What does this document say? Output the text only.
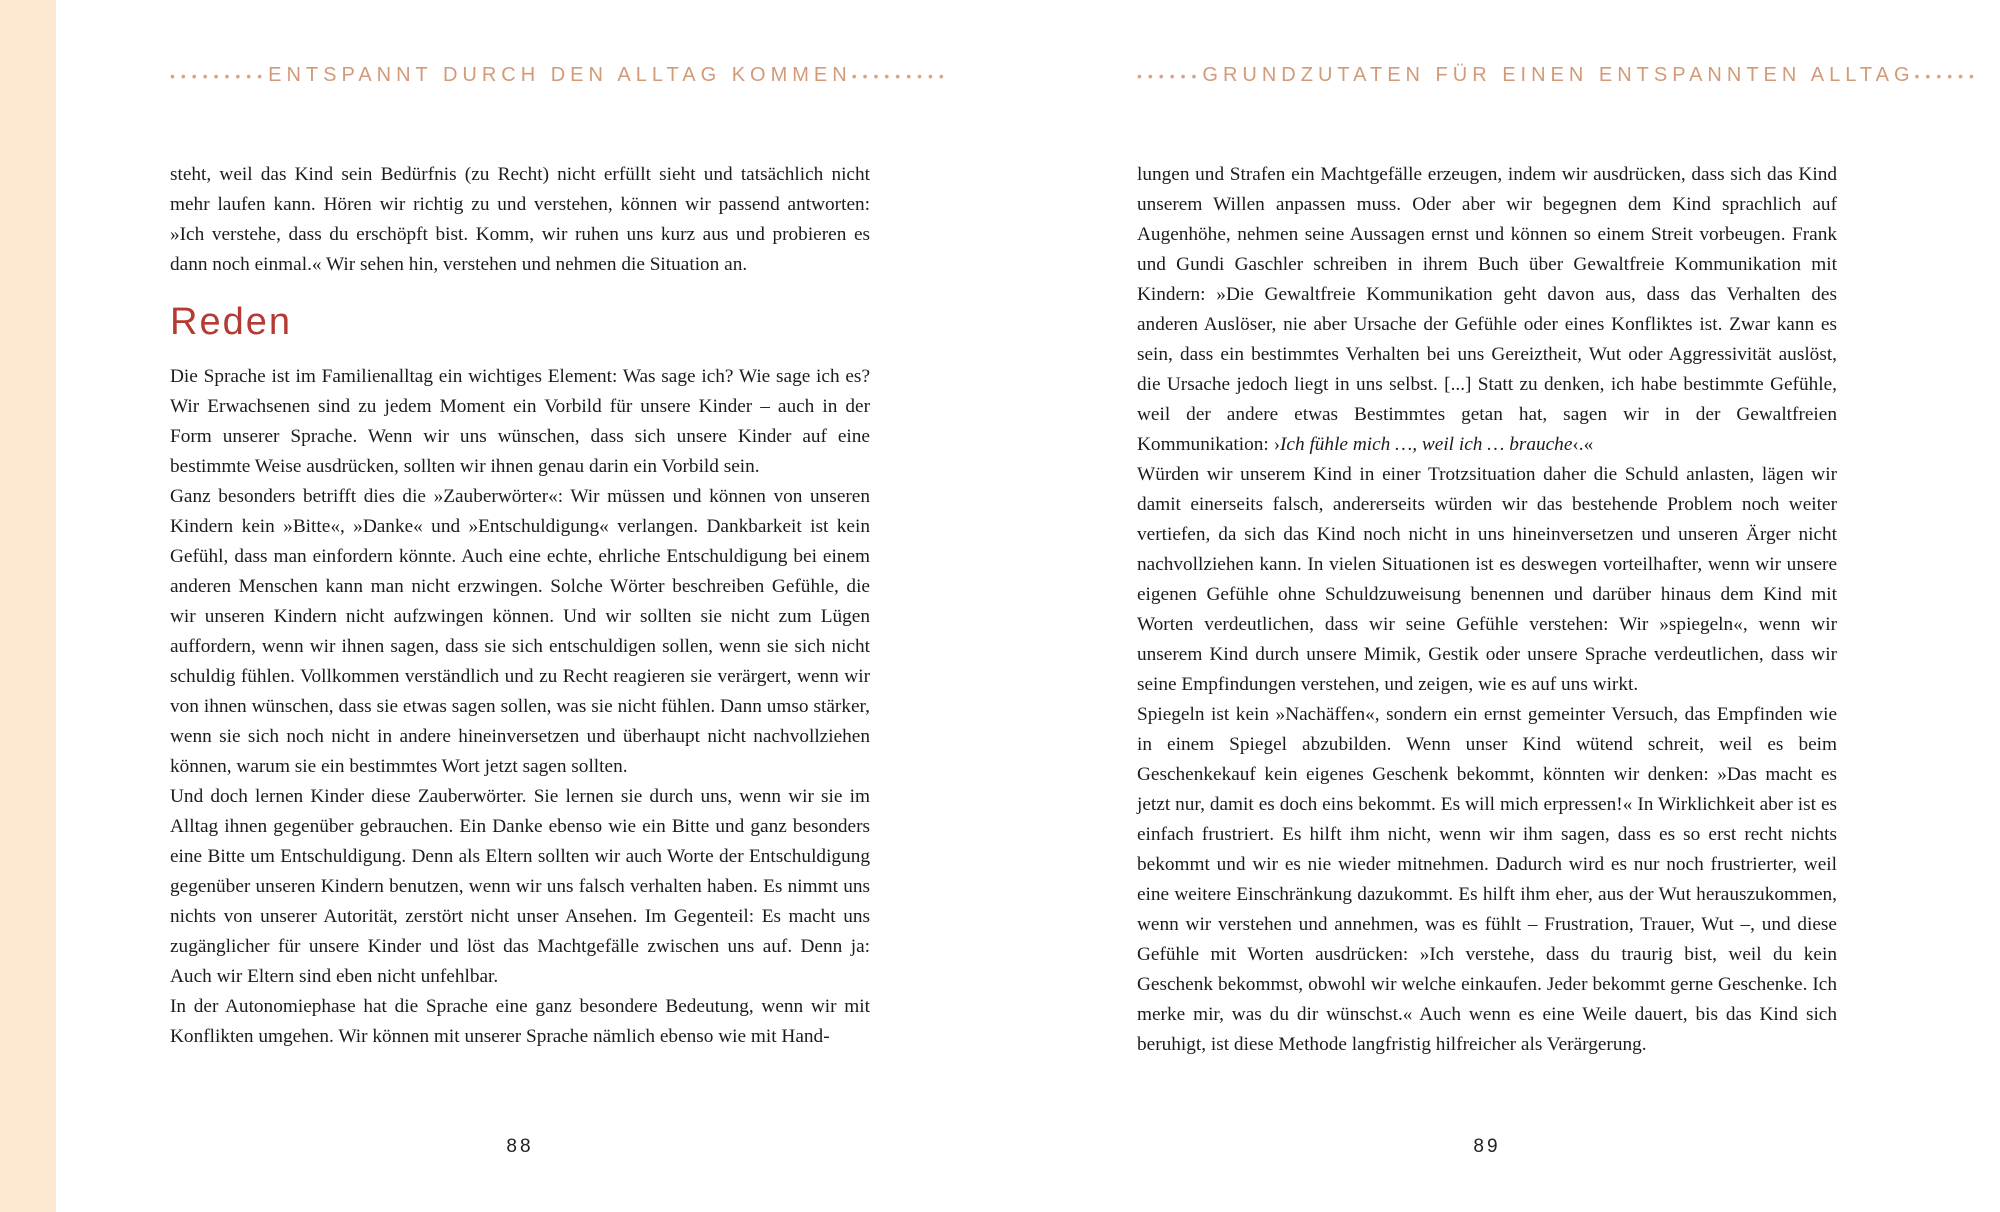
••••••••• ENTSPANNT DURCH DEN ALLTAG KOMMEN •••••••••

steht, weil das Kind sein Bedürfnis (zu Recht) nicht erfüllt sieht und tatsächlich nicht mehr laufen kann. Hören wir richtig zu und verstehen, können wir passend antworten: »Ich verstehe, dass du erschöpft bist. Komm, wir ruhen uns kurz aus und probieren es dann noch einmal.« Wir sehen hin, verstehen und nehmen die Situation an.

Reden

Die Sprache ist im Familienalltag ein wichtiges Element: Was sage ich? Wie sage ich es? Wir Erwachsenen sind zu jedem Moment ein Vorbild für unsere Kinder – auch in der Form unserer Sprache. Wenn wir uns wünschen, dass sich unsere Kinder auf eine bestimmte Weise ausdrücken, sollten wir ihnen genau darin ein Vorbild sein.

Ganz besonders betrifft dies die »Zauberwörter«: Wir müssen und können von unseren Kindern kein »Bitte«, »Danke« und »Entschuldigung« verlangen. Dankbarkeit ist kein Gefühl, dass man einfordern könnte. Auch eine echte, ehrliche Entschuldigung bei einem anderen Menschen kann man nicht erzwingen. Solche Wörter beschreiben Gefühle, die wir unseren Kindern nicht aufzwingen können. Und wir sollten sie nicht zum Lügen auffordern, wenn wir ihnen sagen, dass sie sich entschuldigen sollen, wenn sie sich nicht schuldig fühlen. Vollkommen verständlich und zu Recht reagieren sie verärgert, wenn wir von ihnen wünschen, dass sie etwas sagen sollen, was sie nicht fühlen. Dann umso stärker, wenn sie sich noch nicht in andere hineinversetzen und überhaupt nicht nachvollziehen können, warum sie ein bestimmtes Wort jetzt sagen sollten.

Und doch lernen Kinder diese Zauberwörter. Sie lernen sie durch uns, wenn wir sie im Alltag ihnen gegenüber gebrauchen. Ein Danke ebenso wie ein Bitte und ganz besonders eine Bitte um Entschuldigung. Denn als Eltern sollten wir auch Worte der Entschuldigung gegenüber unseren Kindern benutzen, wenn wir uns falsch verhalten haben. Es nimmt uns nichts von unserer Autorität, zerstört nicht unser Ansehen. Im Gegenteil: Es macht uns zugänglicher für unsere Kinder und löst das Machtgefälle zwischen uns auf. Denn ja: Auch wir Eltern sind eben nicht unfehlbar.

In der Autonomiephase hat die Sprache eine ganz besondere Bedeutung, wenn wir mit Konflikten umgehen. Wir können mit unserer Sprache nämlich ebenso wie mit Hand-

88
•••••• GRUNDZUTATEN FÜR EINEN ENTSPANNTEN ALLTAG ••••••

lungen und Strafen ein Machtgefälle erzeugen, indem wir ausdrücken, dass sich das Kind unserem Willen anpassen muss. Oder aber wir begegnen dem Kind sprachlich auf Augenhöhe, nehmen seine Aussagen ernst und können so einem Streit vorbeugen. Frank und Gundi Gaschler schreiben in ihrem Buch über Gewaltfreie Kommunikation mit Kindern: »Die Gewaltfreie Kommunikation geht davon aus, dass das Verhalten des anderen Auslöser, nie aber Ursache der Gefühle oder eines Konfliktes ist. Zwar kann es sein, dass ein bestimmtes Verhalten bei uns Gereiztheit, Wut oder Aggressivität auslöst, die Ursache jedoch liegt in uns selbst. [...] Statt zu denken, ich habe bestimmte Gefühle, weil der andere etwas Bestimmtes getan hat, sagen wir in der Gewaltfreien Kommunikation: ›Ich fühle mich …, weil ich … brauche‹.«

Würden wir unserem Kind in einer Trotzsituation daher die Schuld anlasten, lägen wir damit einerseits falsch, andererseits würden wir das bestehende Problem noch weiter vertiefen, da sich das Kind noch nicht in uns hineinversetzen und unseren Ärger nicht nachvollziehen kann. In vielen Situationen ist es deswegen vorteilhafter, wenn wir unsere eigenen Gefühle ohne Schuldzuweisung benennen und darüber hinaus dem Kind mit Worten verdeutlichen, dass wir seine Gefühle verstehen: Wir »spiegeln«, wenn wir unserem Kind durch unsere Mimik, Gestik oder unsere Sprache verdeutlichen, dass wir seine Empfindungen verstehen, und zeigen, wie es auf uns wirkt.

Spiegeln ist kein »Nachäffen«, sondern ein ernst gemeinter Versuch, das Empfinden wie in einem Spiegel abzubilden. Wenn unser Kind wütend schreit, weil es beim Geschenkekauf kein eigenes Geschenk bekommt, könnten wir denken: »Das macht es jetzt nur, damit es doch eins bekommt. Es will mich erpressen!« In Wirklichkeit aber ist es einfach frustriert. Es hilft ihm nicht, wenn wir ihm sagen, dass es so erst recht nichts bekommt und wir es nie wieder mitnehmen. Dadurch wird es nur noch frustrierter, weil eine weitere Einschränkung dazukommt. Es hilft ihm eher, aus der Wut herauszukommen, wenn wir verstehen und annehmen, was es fühlt – Frustration, Trauer, Wut –, und diese Gefühle mit Worten ausdrücken: »Ich verstehe, dass du traurig bist, weil du kein Geschenk bekommst, obwohl wir welche einkaufen. Jeder bekommt gerne Geschenke. Ich merke mir, was du dir wünschst.« Auch wenn es eine Weile dauert, bis das Kind sich beruhigt, ist diese Methode langfristig hilfreicher als Verärgerung.

89
